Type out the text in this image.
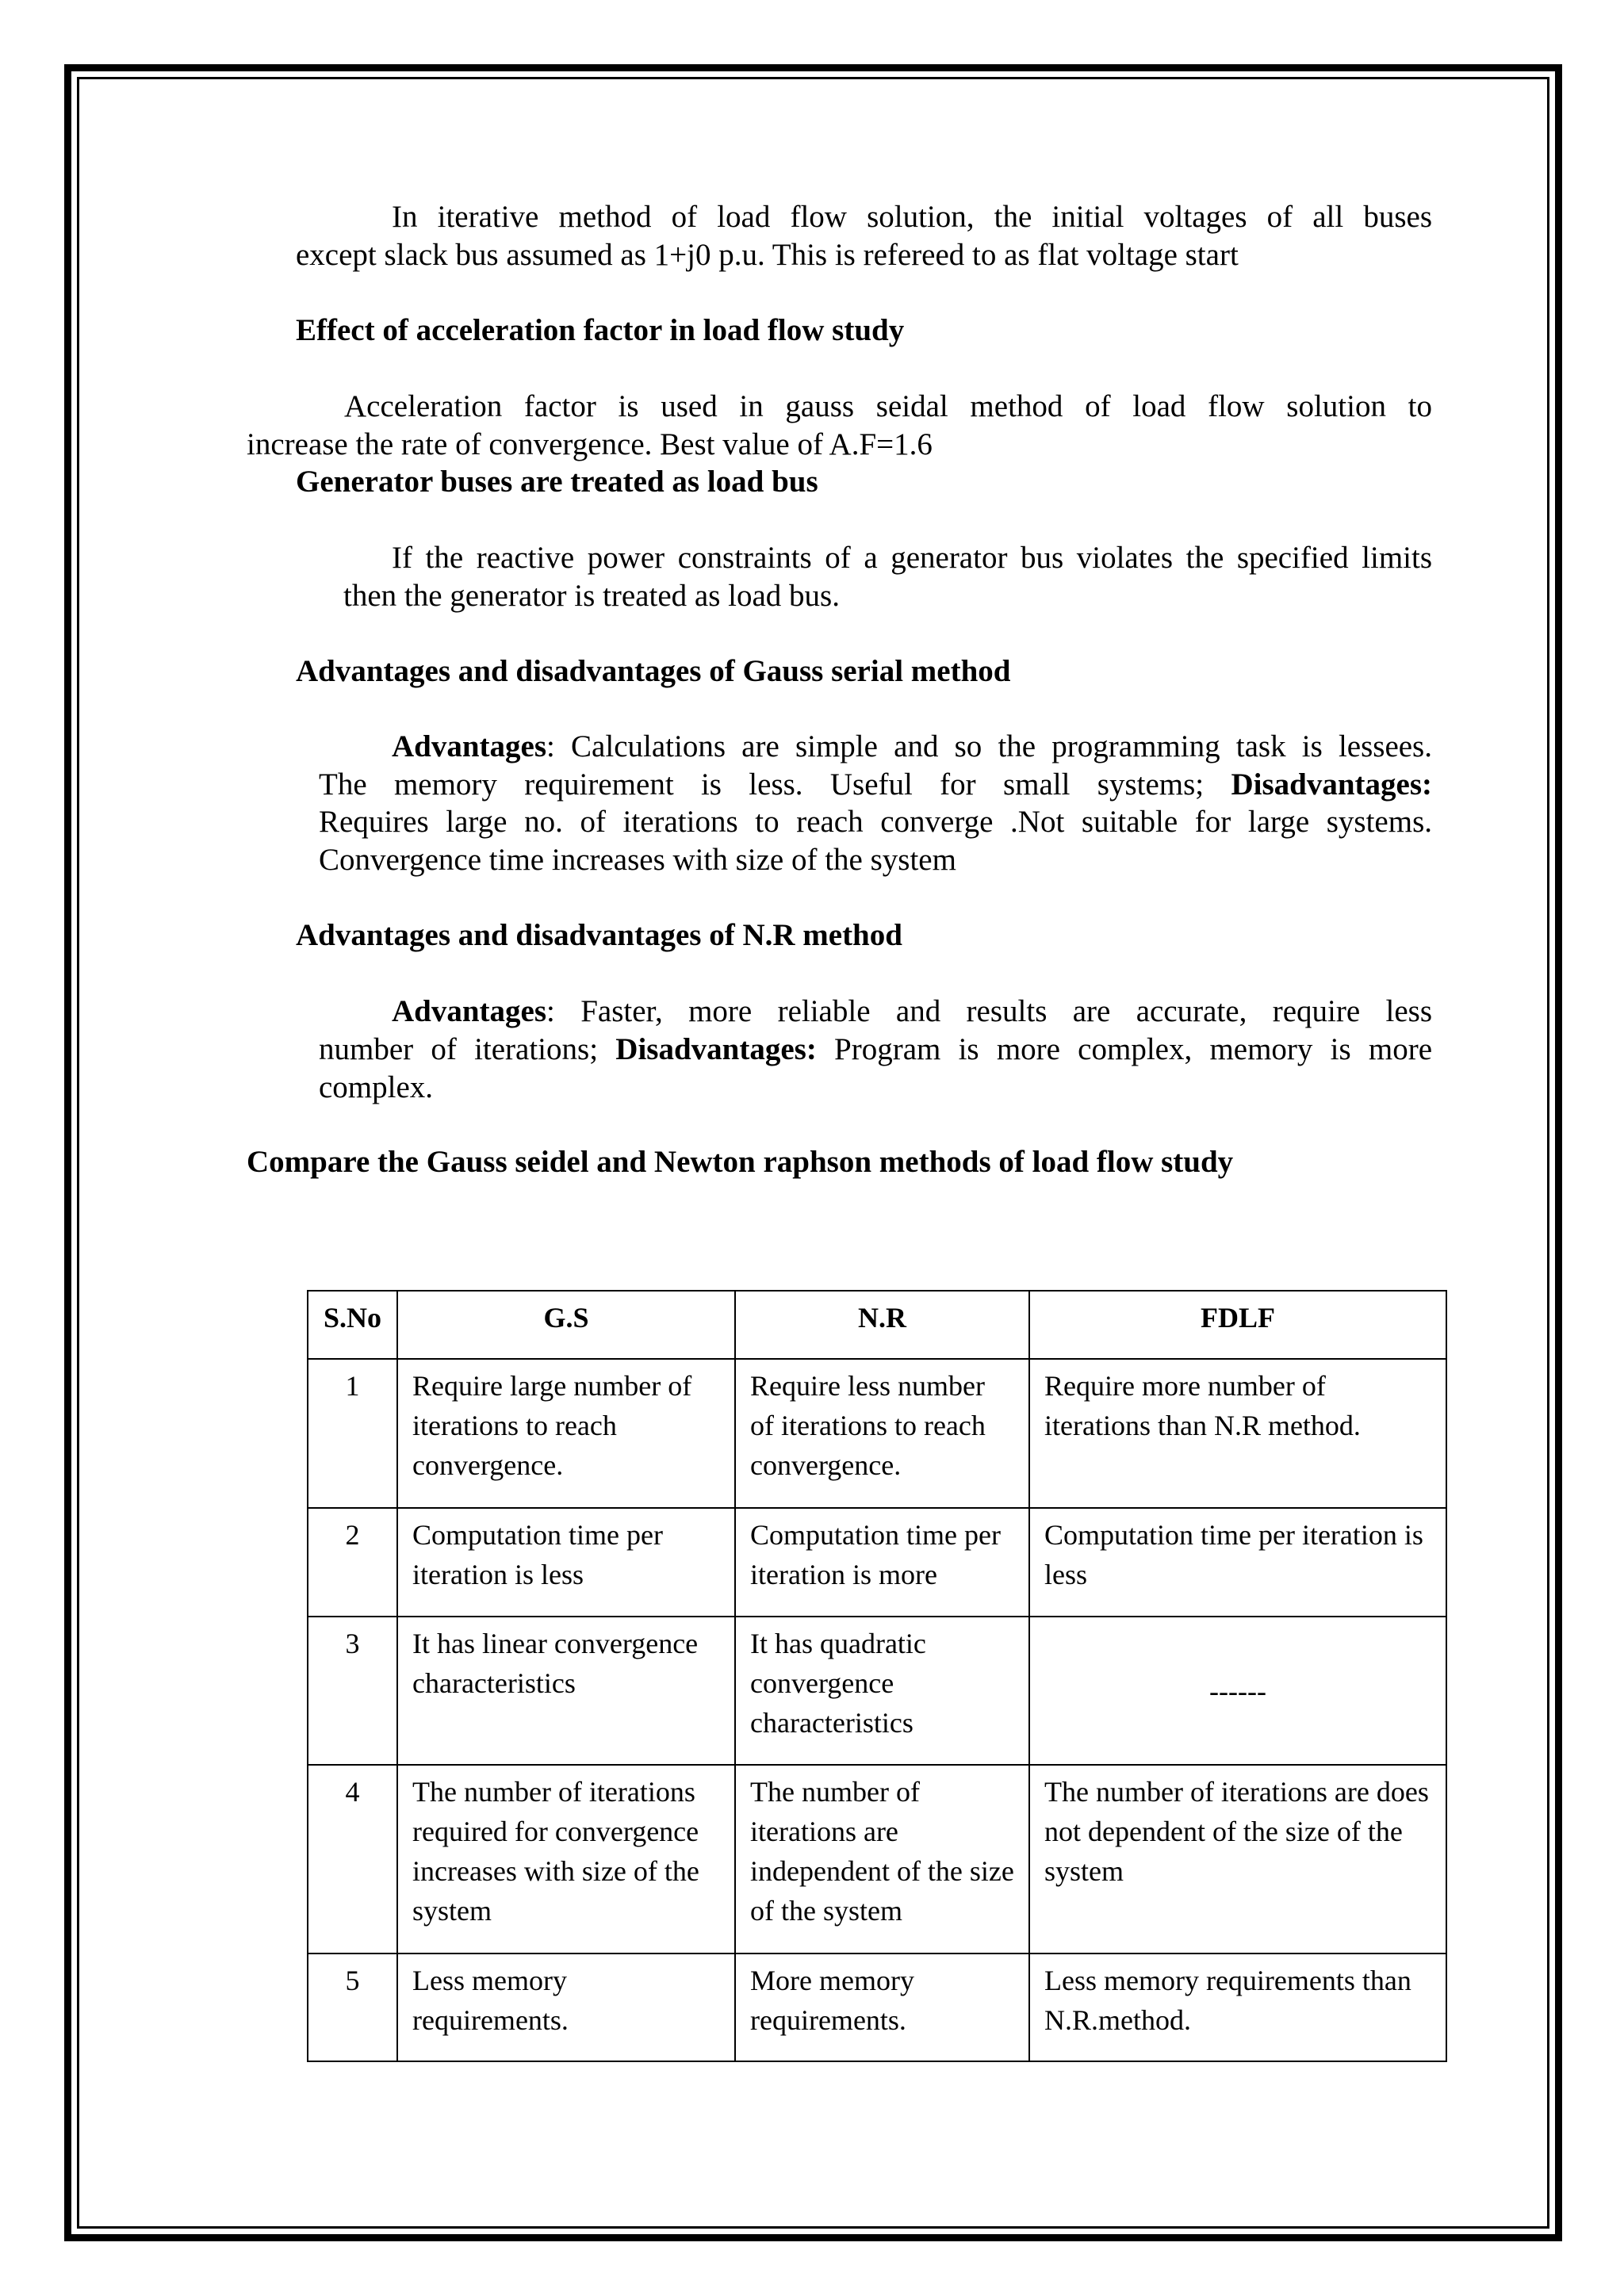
In iterative method of load flow solution, the initial voltages of all buses

except slack bus assumed as 1+j0 p.u. This is refereed to as flat voltage start

Effect of acceleration factor in load flow study

Acceleration factor is used in gauss seidal method of load flow solution to

increase the rate of convergence. Best value of A.F=1.6

Generator buses are treated as load bus

If the reactive power constraints of a generator bus violates the specified limits

then the generator is treated as load bus.

Advantages and disadvantages of Gauss serial method

Advantages: Calculations are simple and so the programming task is lessees.

The memory requirement is less. Useful for small systems; Disadvantages:

Requires large no. of iterations to reach converge .Not suitable for large systems.

Convergence time increases with size of the system

Advantages and disadvantages of N.R method

Advantages: Faster, more reliable and results are accurate, require less

number of iterations; Disadvantages: Program is more complex, memory is more

complex.

Compare the Gauss seidel and Newton raphson methods of load flow study

S.No	G.S	N.R	FDLF
1	Require large number of iterations to reach convergence.	Require less number of iterations to reach convergence.	Require more number of iterations than N.R method.
2	Computation time per iteration is less	Computation time per iteration is more	Computation time per iteration is less
3	It has linear convergence characteristics	It has quadratic convergence characteristics	------
4	The number of iterations required for convergence increases with size of the system	The number of iterations are independent of the size of the system	The number of iterations are does not dependent of the size of the system
5	Less memory requirements.	More memory requirements.	Less memory requirements than N.R.method.
